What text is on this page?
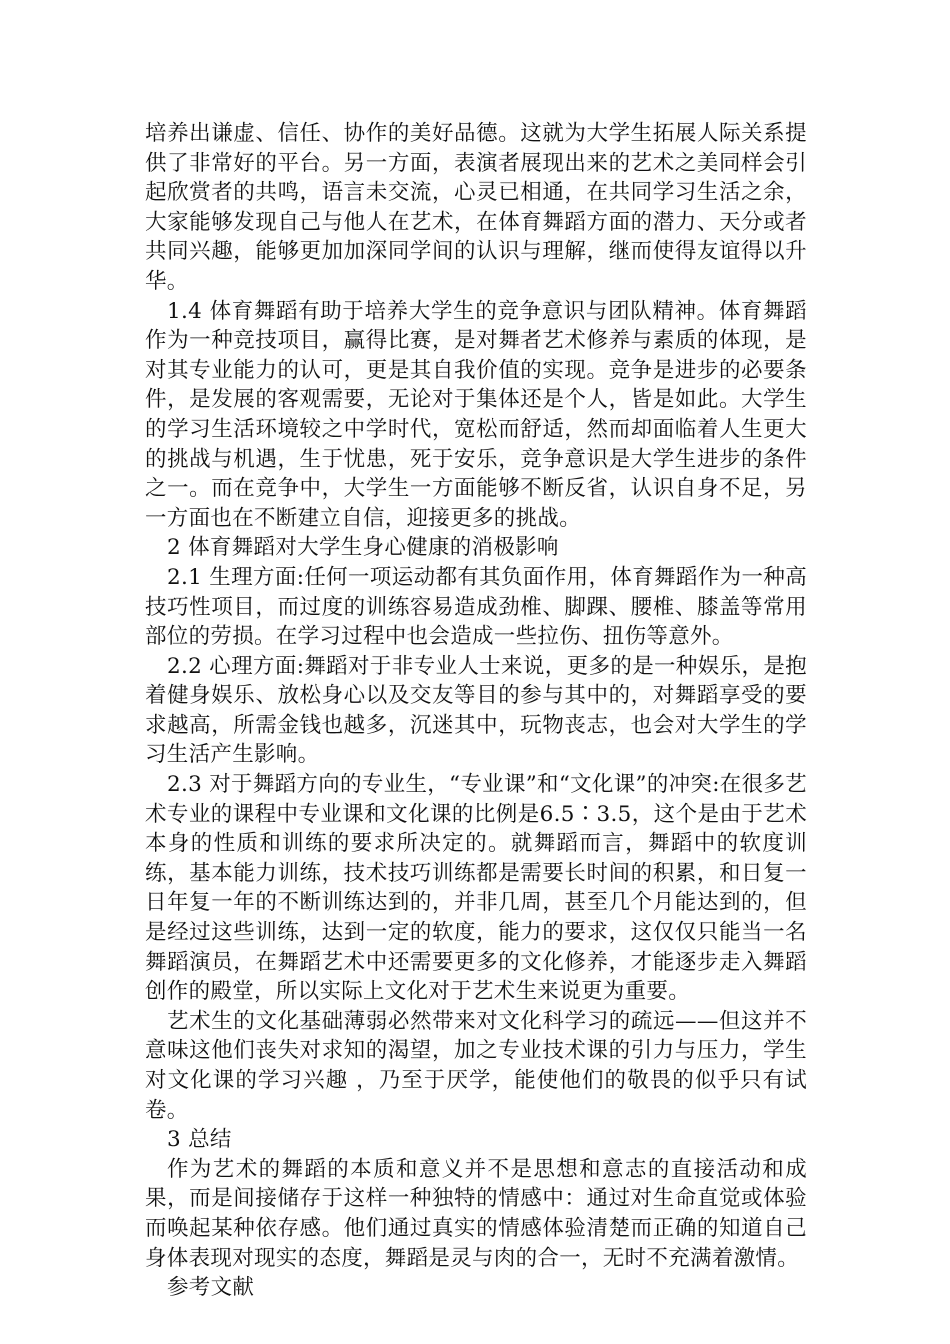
培养出谦虚、信任、协作的美好品德。这就为大学生拓展人际关系提供了非常好的平台。另一方面，表演者展现出来的艺术之美同样会引起欣赏者的共鸣，语言未交流，心灵已相通，在共同学习生活之余，大家能够发现自己与他人在艺术，在体育舞蹈方面的潜力、天分或者共同兴趣，能够更加加深同学间的认识与理解，继而使得友谊得以升华。

1.4 体育舞蹈有助于培养大学生的竞争意识与团队精神。体育舞蹈作为一种竞技项目，赢得比赛，是对舞者艺术修养与素质的体现，是对其专业能力的认可，更是其自我价值的实现。竞争是进步的必要条件，是发展的客观需要，无论对于集体还是个人，皆是如此。大学生的学习生活环境较之中学时代，宽松而舒适，然而却面临着人生更大的挑战与机遇，生于忧患，死于安乐，竞争意识是大学生进步的条件之一。而在竞争中，大学生一方面能够不断反省，认识自身不足，另一方面也在不断建立自信，迎接更多的挑战。

2 体育舞蹈对大学生身心健康的消极影响

2.1 生理方面:任何一项运动都有其负面作用，体育舞蹈作为一种高技巧性项目，而过度的训练容易造成劲椎、脚踝、腰椎、膝盖等常用部位的劳损。在学习过程中也会造成一些拉伤、扭伤等意外。

2.2 心理方面:舞蹈对于非专业人士来说，更多的是一种娱乐，是抱着健身娱乐、放松身心以及交友等目的参与其中的，对舞蹈享受的要求越高，所需金钱也越多，沉迷其中，玩物丧志，也会对大学生的学习生活产生影响。

2.3 对于舞蹈方向的专业生，“专业课”和“文化课”的冲突:在很多艺术专业的课程中专业课和文化课的比例是6.5∶3.5，这个是由于艺术本身的性质和训练的要求所决定的。就舞蹈而言，舞蹈中的软度训练，基本能力训练，技术技巧训练都是需要长时间的积累，和日复一日年复一年的不断训练达到的，并非几周，甚至几个月能达到的，但是经过这些训练，达到一定的软度，能力的要求，这仅仅只能当一名舞蹈演员，在舞蹈艺术中还需要更多的文化修养，才能逐步走入舞蹈创作的殿堂，所以实际上文化对于艺术生来说更为重要。

艺术生的文化基础薄弱必然带来对文化科学习的疏远——但这并不意味这他们丧失对求知的渴望，加之专业技术课的引力与压力，学生对文化课的学习兴趣 ，乃至于厌学，能使他们的敬畏的似乎只有试卷。

3 总结

作为艺术的舞蹈的本质和意义并不是思想和意志的直接活动和成果，而是间接储存于这样一种独特的情感中：通过对生命直觉或体验而唤起某种依存感。他们通过真实的情感体验清楚而正确的知道自己身体表现对现实的态度，舞蹈是灵与肉的合一，无时不充满着激情。

参考文献
